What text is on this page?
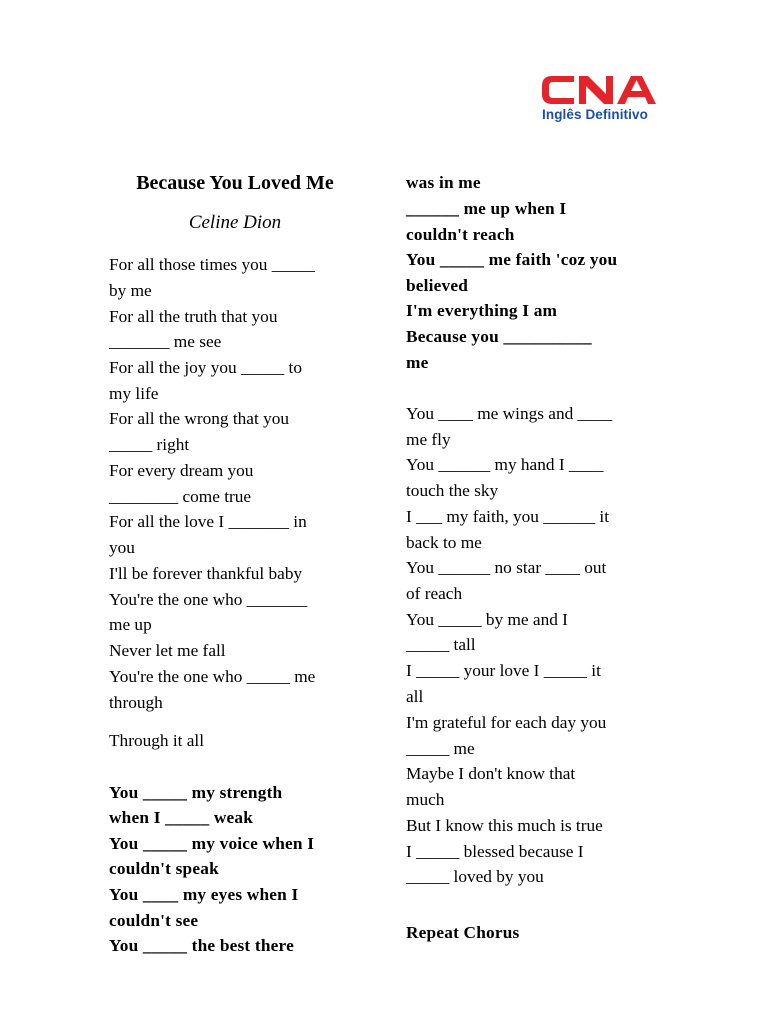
Inglês Definitivo
Because You Loved Me
Celine Dion
For all those times you _____
by me
For all the truth that you
_______ me see
For all the joy you _____ to
my life
For all the wrong that you
_____ right
For every dream you
________ come true
For all the love I _______ in
you
I'll be forever thankful baby
You're the one who _______
me up
Never let me fall
You're the one who _____ me
through
Through it all
You _____ my strength
when I _____ weak
You _____ my voice when I
couldn't speak
You ____ my eyes when I
couldn't see
You _____ the best there
was in me
______ me up when I
couldn't reach
You _____ me faith 'coz you
believed
I'm everything I am
Because you __________
me
You ____ me wings and ____
me fly
You ______ my hand I ____
touch the sky
I ___ my faith, you ______ it
back to me
You ______ no star ____ out
of reach
You _____ by me and I
_____ tall
I _____ your love I _____ it
all
I'm grateful for each day you
_____ me
Maybe I don't know that
much
But I know this much is true
I _____ blessed because I
_____ loved by you
Repeat Chorus
